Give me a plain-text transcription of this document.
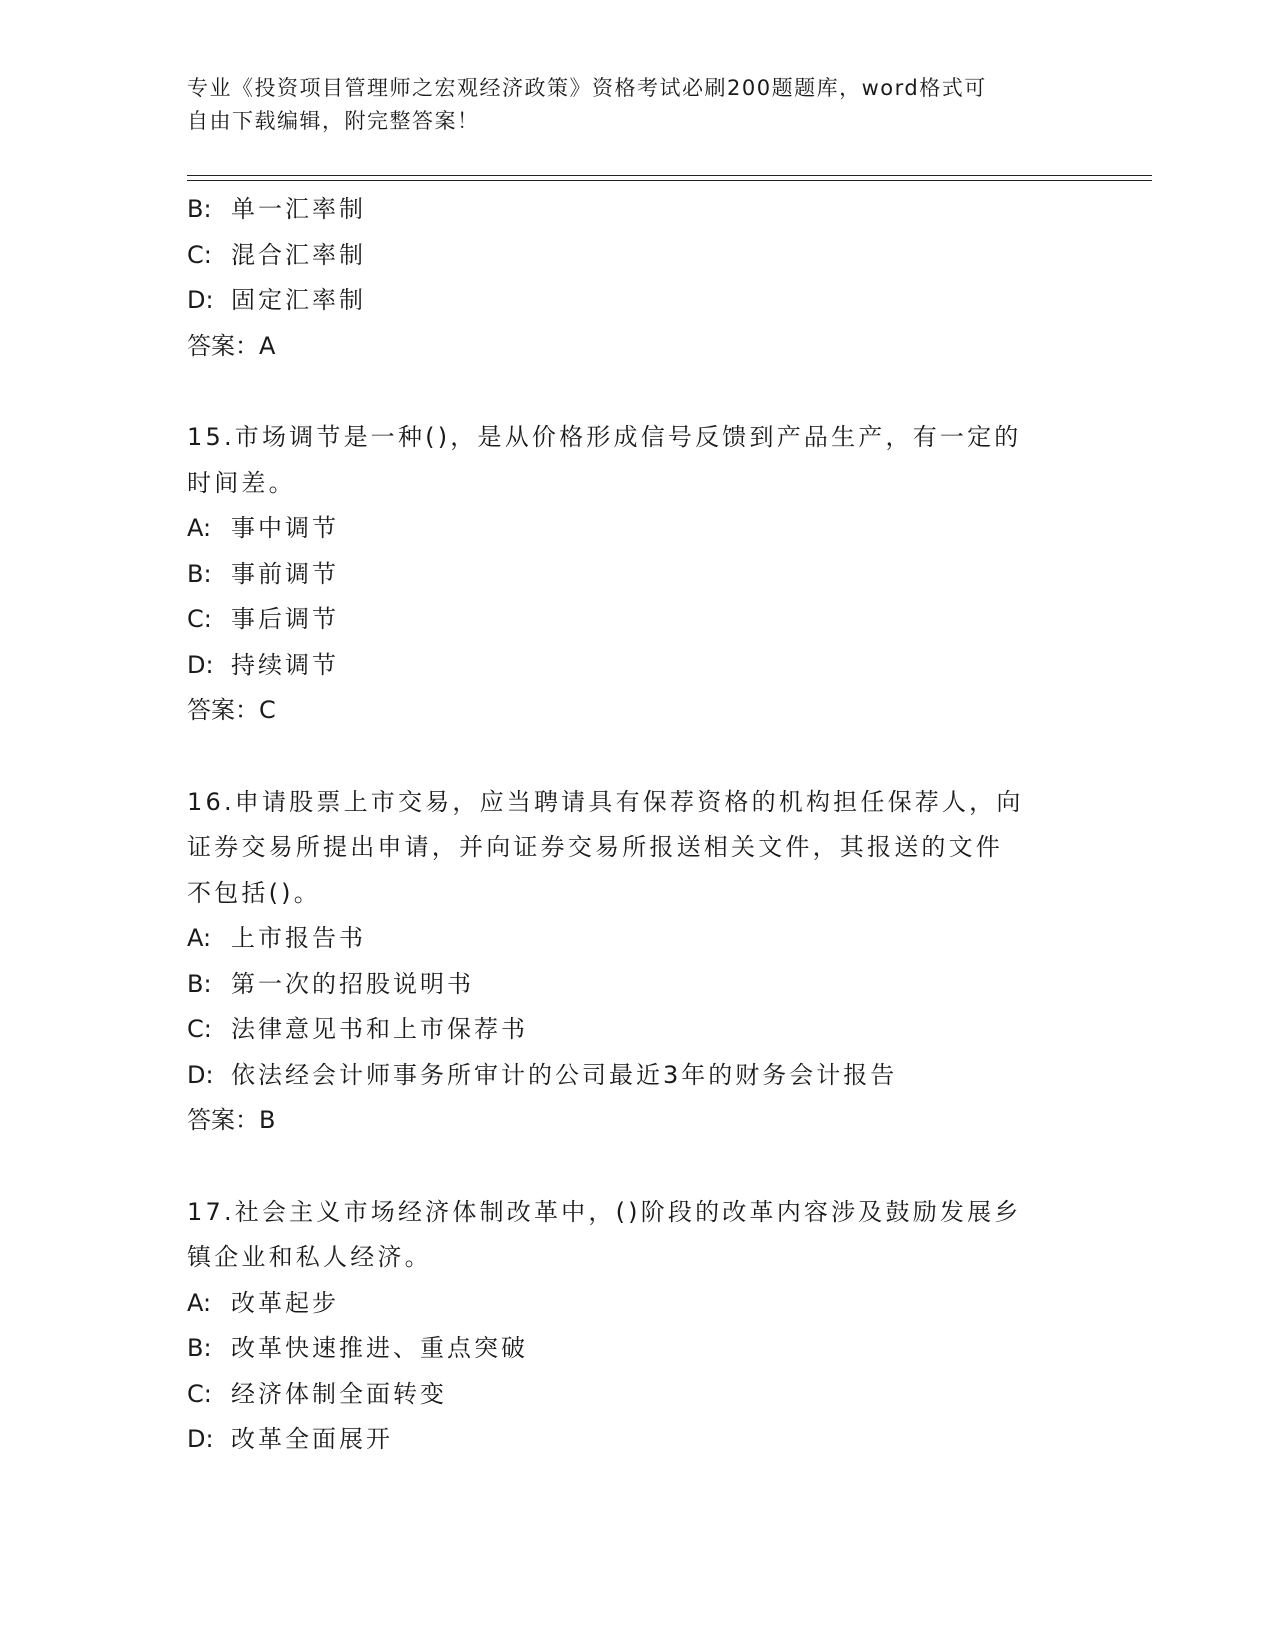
专业《投资项目管理师之宏观经济政策》资格考试必刷200题题库，word格式可
自由下载编辑，附完整答案！
B: 单一汇率制
C: 混合汇率制
D: 固定汇率制
答案：A
15.市场调节是一种()，是从价格形成信号反馈到产品生产，有一定的
时间差。
A: 事中调节
B: 事前调节
C: 事后调节
D: 持续调节
答案：C
16.申请股票上市交易，应当聘请具有保荐资格的机构担任保荐人，向
证券交易所提出申请，并向证券交易所报送相关文件，其报送的文件
不包括()。
A: 上市报告书
B: 第一次的招股说明书
C: 法律意见书和上市保荐书
D: 依法经会计师事务所审计的公司最近3年的财务会计报告
答案：B
17.社会主义市场经济体制改革中，()阶段的改革内容涉及鼓励发展乡
镇企业和私人经济。
A: 改革起步
B: 改革快速推进、重点突破
C: 经济体制全面转变
D: 改革全面展开
